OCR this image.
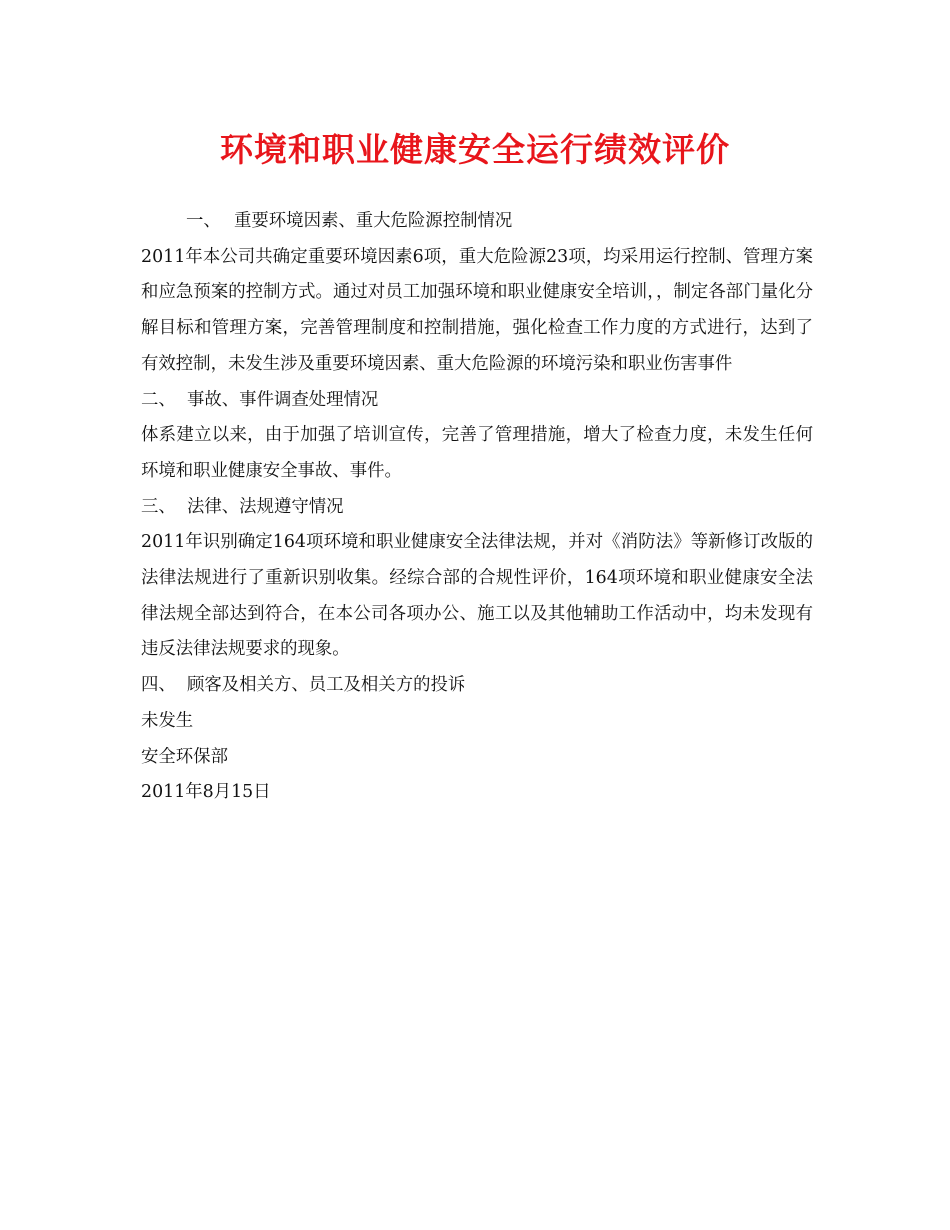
环境和职业健康安全运行绩效评价

一、 重要环境因素、重大危险源控制情况

2011年本公司共确定重要环境因素6项，重大危险源23项，均采用运行控制、管理方案和应急预案的控制方式。通过对员工加强环境和职业健康安全培训，，制定各部门量化分解目标和管理方案，完善管理制度和控制措施，强化检查工作力度的方式进行，达到了有效控制，未发生涉及重要环境因素、重大危险源的环境污染和职业伤害事件

二、 事故、事件调查处理情况

体系建立以来，由于加强了培训宣传，完善了管理措施，增大了检查力度，未发生任何环境和职业健康安全事故、事件。

三、 法律、法规遵守情况

2011年识别确定164项环境和职业健康安全法律法规，并对《消防法》等新修订改版的法律法规进行了重新识别收集。经综合部的合规性评价，164项环境和职业健康安全法律法规全部达到符合，在本公司各项办公、施工以及其他辅助工作活动中，均未发现有违反法律法规要求的现象。

四、 顾客及相关方、员工及相关方的投诉

未发生

安全环保部

2011年8月15日
